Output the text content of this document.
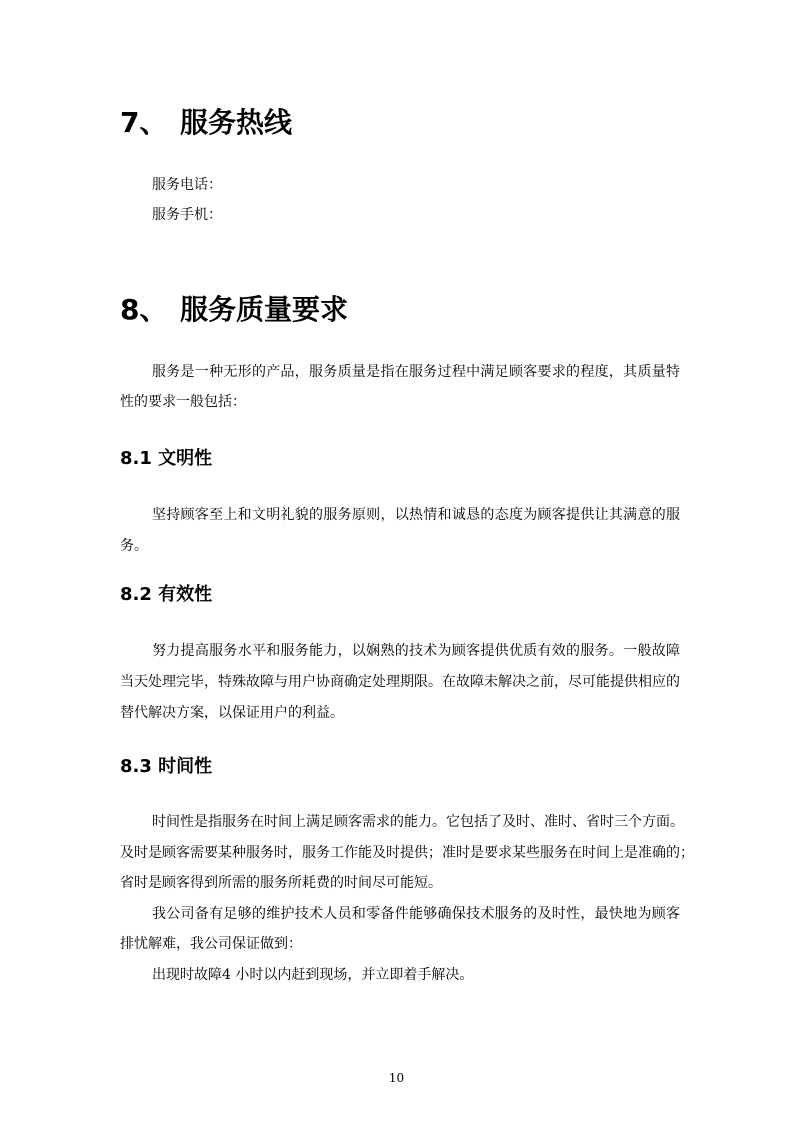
7、 服务热线
服务电话：
服务手机：
8、 服务质量要求
服务是一种无形的产品，服务质量是指在服务过程中满足顾客要求的程度，其质量特
性的要求一般包括：
8.1 文明性
坚持顾客至上和文明礼貌的服务原则，以热情和诚恳的态度为顾客提供让其满意的服
务。
8.2 有效性
努力提高服务水平和服务能力，以娴熟的技术为顾客提供优质有效的服务。一般故障
当天处理完毕，特殊故障与用户协商确定处理期限。在故障未解决之前，尽可能提供相应的
替代解决方案，以保证用户的利益。
8.3 时间性
时间性是指服务在时间上满足顾客需求的能力。它包括了及时、准时、省时三个方面。
及时是顾客需要某种服务时，服务工作能及时提供；准时是要求某些服务在时间上是准确的；
省时是顾客得到所需的服务所耗费的时间尽可能短。
我公司备有足够的维护技术人员和零备件能够确保技术服务的及时性，最快地为顾客
排忧解难，我公司保证做到：
出现时故障4 小时以内赶到现场，并立即着手解决。
10
